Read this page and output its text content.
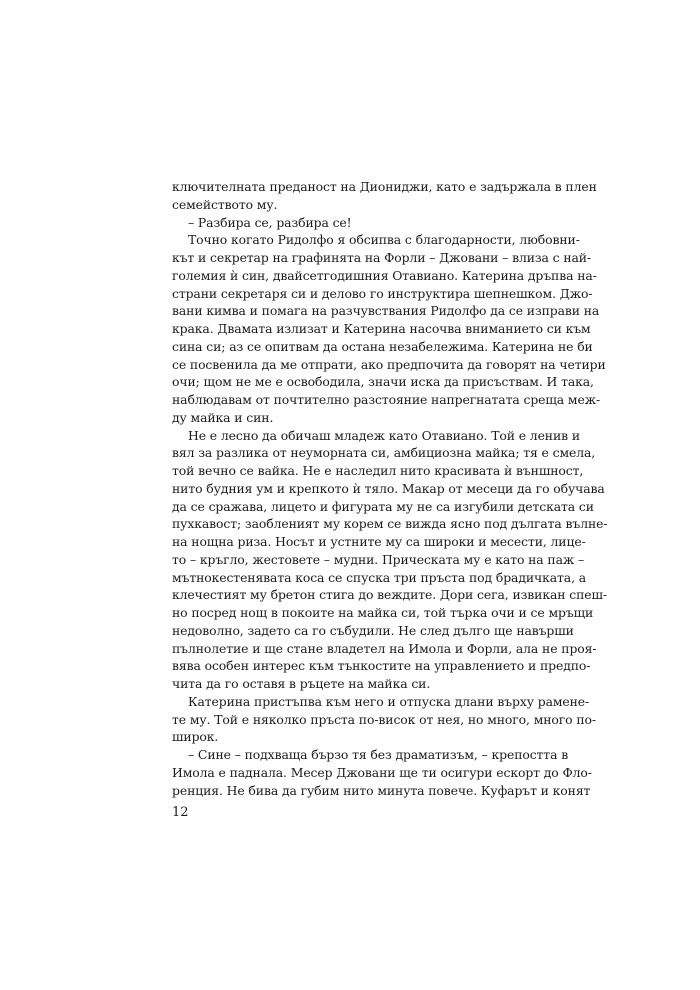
ключителната преданост на Диониджи, като е задържала в плен
семейството му.
– Разбира се, разбира се!
Точно когато Ридолфо я обсипва с благодарности, любовни-
кът и секретар на графинята на Форли – Джовани – влиза с най-
големия ѝ син, двайсетгодишния Отавиано. Катерина дръпва на-
страни секретаря си и делово го инструктира шепнешком. Джо-
вани кимва и помага на разчувствания Ридолфо да се изправи на
крака. Двамата излизат и Катерина насочва вниманието си към
сина си; аз се опитвам да остана незабележима. Катерина не би
се посвенила да ме отпрати, ако предпочита да говорят на четири
очи; щом не ме е освободила, значи иска да присъствам. И така,
наблюдавам от почтително разстояние напрегнатата среща меж-
ду майка и син.
Не е лесно да обичаш младеж като Отавиано. Той е ленив и
вял за разлика от неуморната си, амбициозна майка; тя е смела,
той вечно се вайка. Не е наследил нито красивата ѝ външност,
нито будния ум и крепкото ѝ тяло. Макар от месеци да го обучава
да се сражава, лицето и фигурата му не са изгубили детската си
пухкавост; заобленият му корем се вижда ясно под дългата вълне-
на нощна риза. Носът и устните му са широки и месести, лице-
то – кръгло, жестовете – мудни. Прическата му е като на паж –
мътнокестенявата коса се спуска три пръста под брадичката, а
клечестият му бретон стига до веждите. Дори сега, извикан спеш-
но посред нощ в покоите на майка си, той търка очи и се мръщи
недоволно, задето са го събудили. Не след дълго ще навърши
пълнолетие и ще стане владетел на Имола и Форли, ала не проя-
вява особен интерес към тънкостите на управлението и предпо-
чита да го оставя в ръцете на майка си.
Катерина пристъпва към него и отпуска длани върху рамене-
те му. Той е няколко пръста по-висок от нея, но много, много по-
широк.
– Сине – подхваща бързо тя без драматизъм, – крепостта в
Имола е паднала. Месер Джовани ще ти осигури ескорт до Фло-
ренция. Не бива да губим нито минута повече. Куфарът и конят
12
